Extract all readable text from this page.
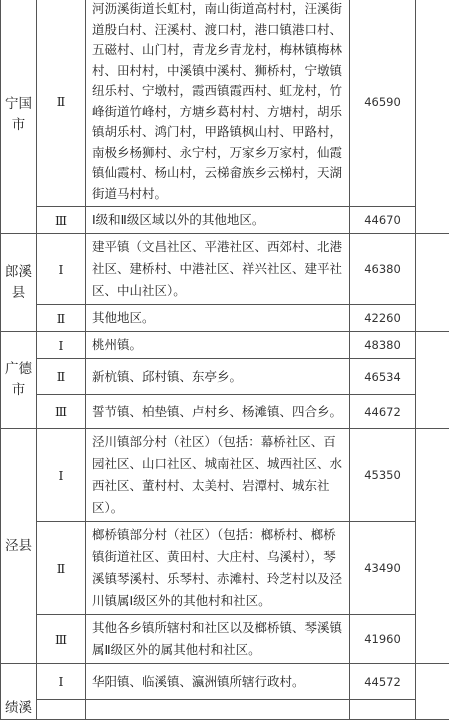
宁国
市	Ⅱ	河沥溪街道长虹村，南山街道高村村，汪溪街道殷白村、汪溪村、渡口村，港口镇港口村、五磁村、山门村，青龙乡青龙村，梅林镇梅林村、田村村，中溪镇中溪村、狮桥村，宁墩镇纽乐村、宁墩村，霞西镇霞西村、虹龙村，竹峰街道竹峰村，方塘乡葛村村、方塘村，胡乐镇胡乐村、鸿门村，甲路镇枫山村、甲路村，南极乡杨狮村、永宁村，万家乡万家村，仙霞镇仙霞村、杨山村，云梯畲族乡云梯村，天湖街道马村村。	46590	
	Ⅲ	Ⅰ级和Ⅱ级区域以外的其他地区。	44670	
郎溪
县	Ⅰ	建平镇（文昌社区、平港社区、西郊村、北港社区、建桥村、中港社区、祥兴社区、建平社区、中山社区）。	46380	
	Ⅱ	其他地区。	42260	
广德
市	Ⅰ	桃州镇。	48380	
	Ⅱ	新杭镇、邱村镇、东亭乡。	46534	
	Ⅲ	誓节镇、柏垫镇、卢村乡、杨滩镇、四合乡。	44672	
泾县	Ⅰ	泾川镇部分村（社区）（包括：幕桥社区、百园社区、山口社区、城南社区、城西社区、水西社区、董村村、太美村、岩潭村、城东社区）。	45350	
	Ⅱ	榔桥镇部分村（社区）（包括：榔桥村、榔桥镇街道社区、黄田村、大庄村、乌溪村），琴溪镇琴溪村、乐琴村、赤滩村、玲芝村以及泾川镇属Ⅰ级区外的其他村和社区。	43490	
	Ⅲ	其他各乡镇所辖村和社区以及榔桥镇、琴溪镇属Ⅱ级区外的属其他村和社区。	41960	
绩溪	Ⅰ	华阳镇、临溪镇、瀛洲镇所辖行政村。	44572	
